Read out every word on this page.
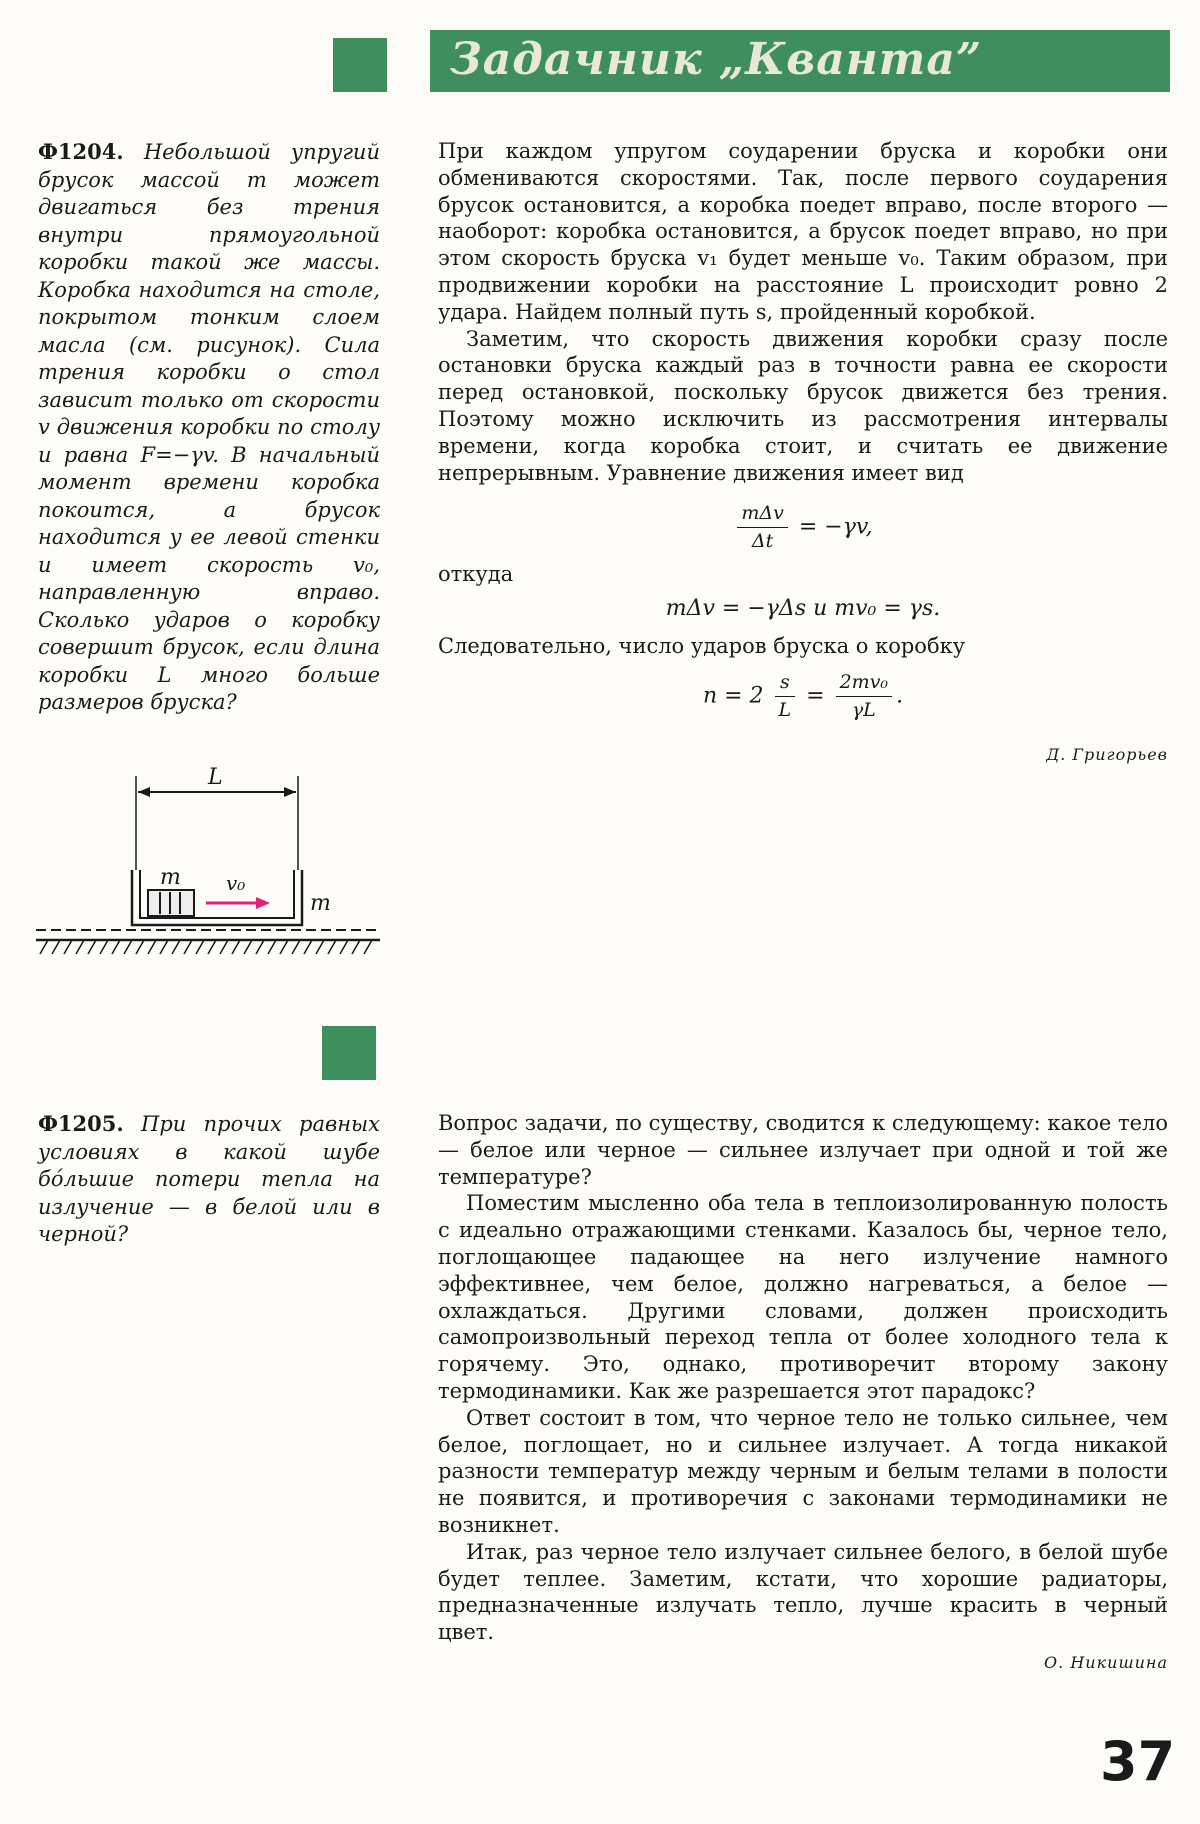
Задачник „Кванта”

Ф1204. Небольшой упругий брусок массой m может двигаться без трения внутри прямоугольной коробки такой же массы. Коробка находится на столе, покрытом тонким слоем масла (см. рисунок). Сила трения коробки о стол зависит только от скорости v движения коробки по столу и равна F=−γv. В начальный момент времени коробка покоится, а брусок находится у ее левой стенки и имеет скорость v₀, направленную вправо. Сколько ударов о коробку совершит брусок, если длина коробки L много больше размеров бруска?

L
m v₀
m

При каждом упругом соударении бруска и коробки они обмениваются скоростями. Так, после первого соударения брусок остановится, а коробка поедет вправо, после второго — наоборот: коробка остановится, а брусок поедет вправо, но при этом скорость бруска v₁ будет меньше v₀. Таким образом, при продвижении коробки на расстояние L происходит ровно 2 удара. Найдем полный путь s, пройденный коробкой.

Заметим, что скорость движения коробки сразу после остановки бруска каждый раз в точности равна ее скорости перед остановкой, поскольку брусок движется без трения. Поэтому можно исключить из рассмотрения интервалы времени, когда коробка стоит, и считать ее движение непрерывным. Уравнение движения имеет вид

$\frac{\text{mΔv}}{\Delta t} = -\gamma v$,

откуда

mΔv = −γΔs и mv₀ = γs.

Следовательно, число ударов бруска о коробку

$n = 2 \frac{s}{L} = \frac{\text{2mv₀}}{\gamma L}$ .
Д. Григорьев

Ф1205. При прочих равных условиях в какой шубе бо́льшие потери тепла на излучение — в белой или в черной?

Вопрос задачи, по существу, сводится к следующему: какое тело — белое или черное — сильнее излучает при одной и той же температуре?

Поместим мысленно оба тела в теплоизолированную полость с идеально отражающими стенками. Казалось бы, черное тело, поглощающее падающее на него излучение намного эффективнее, чем белое, должно нагреваться, а белое — охлаждаться. Другими словами, должен происходить самопроизвольный переход тепла от более холодного тела к горячему. Это, однако, противоречит второму закону термодинамики. Как же разрешается этот парадокс?

Ответ состоит в том, что черное тело не только сильнее, чем белое, поглощает, но и сильнее излучает. А тогда никакой разности температур между черным и белым телами в полости не появится, и противоречия с законами термодинамики не возникнет.

Итак, раз черное тело излучает сильнее белого, в белой шубе будет теплее. Заметим, кстати, что хорошие радиаторы, предназначенные излучать тепло, лучше красить в черный цвет.

О. Никишина
37
